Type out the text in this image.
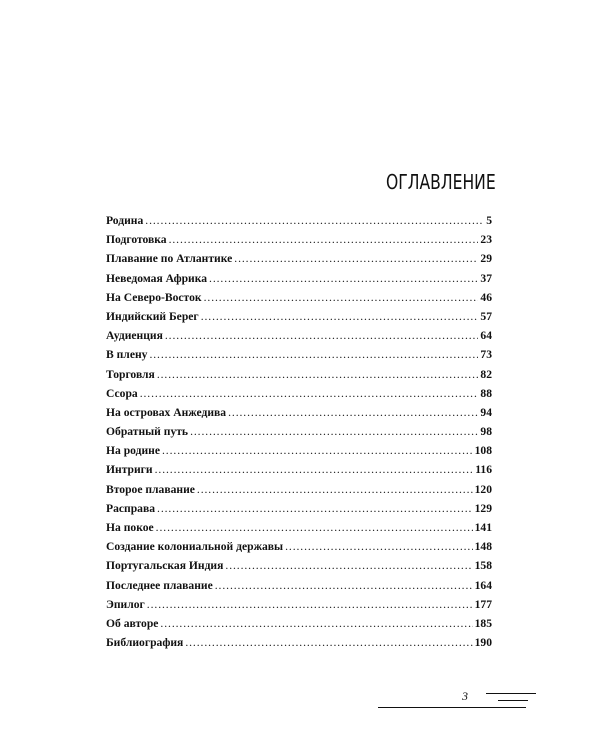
ОГЛАВЛЕНИЕ
Родина .....	5
Подготовка .....	23
Плавание по Атлантике .....	29
Неведомая Африка .....	37
На Северо-Восток .....	46
Индийский Берег .....	57
Аудиенция .....	64
В плену .....	73
Торговля .....	82
Ссора .....	88
На островах Анжедива .....	94
Обратный путь .....	98
На родине .....	108
Интриги .....	116
Второе плавание .....	120
Расправа .....	129
На покое .....	141
Создание колониальной державы .....	148
Португальская Индия .....	158
Последнее плавание .....	164
Эпилог .....	177
Об авторе .....	185
Библиография .....	190
3
